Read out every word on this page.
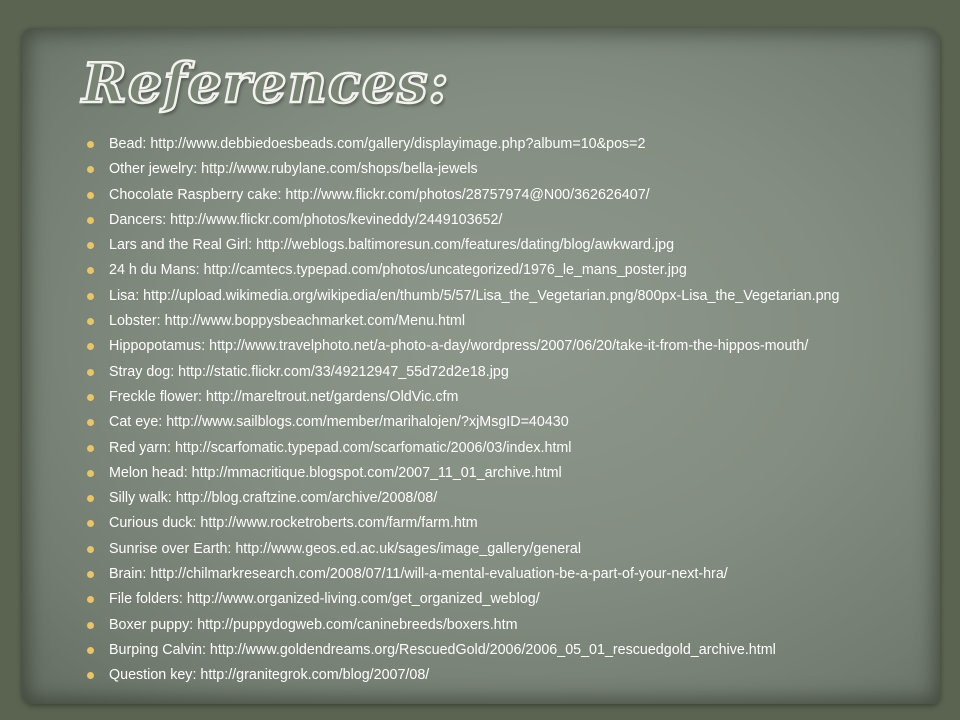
References:
Bead: http://www.debbiedoesbeads.com/gallery/displayimage.php?album=10&pos=2
Other jewelry: http://www.rubylane.com/shops/bella-jewels
Chocolate Raspberry cake: http://www.flickr.com/photos/28757974@N00/362626407/
Dancers: http://www.flickr.com/photos/kevineddy/2449103652/
Lars and the Real Girl: http://weblogs.baltimoresun.com/features/dating/blog/awkward.jpg
24 h du Mans: http://camtecs.typepad.com/photos/uncategorized/1976_le_mans_poster.jpg
Lisa: http://upload.wikimedia.org/wikipedia/en/thumb/5/57/Lisa_the_Vegetarian.png/800px-Lisa_the_Vegetarian.png
Lobster: http://www.boppysbeachmarket.com/Menu.html
Hippopotamus: http://www.travelphoto.net/a-photo-a-day/wordpress/2007/06/20/take-it-from-the-hippos-mouth/
Stray dog: http://static.flickr.com/33/49212947_55d72d2e18.jpg
Freckle flower: http://mareltrout.net/gardens/OldVic.cfm
Cat eye: http://www.sailblogs.com/member/marihalojen/?xjMsgID=40430
Red yarn: http://scarfomatic.typepad.com/scarfomatic/2006/03/index.html
Melon head: http://mmacritique.blogspot.com/2007_11_01_archive.html
Silly walk: http://blog.craftzine.com/archive/2008/08/
Curious duck: http://www.rocketroberts.com/farm/farm.htm
Sunrise over Earth: http://www.geos.ed.ac.uk/sages/image_gallery/general
Brain: http://chilmarkresearch.com/2008/07/11/will-a-mental-evaluation-be-a-part-of-your-next-hra/
File folders: http://www.organized-living.com/get_organized_weblog/
Boxer puppy: http://puppydogweb.com/caninebreeds/boxers.htm
Burping Calvin: http://www.goldendreams.org/RescuedGold/2006/2006_05_01_rescuedgold_archive.html
Question key: http://granitegrok.com/blog/2007/08/
